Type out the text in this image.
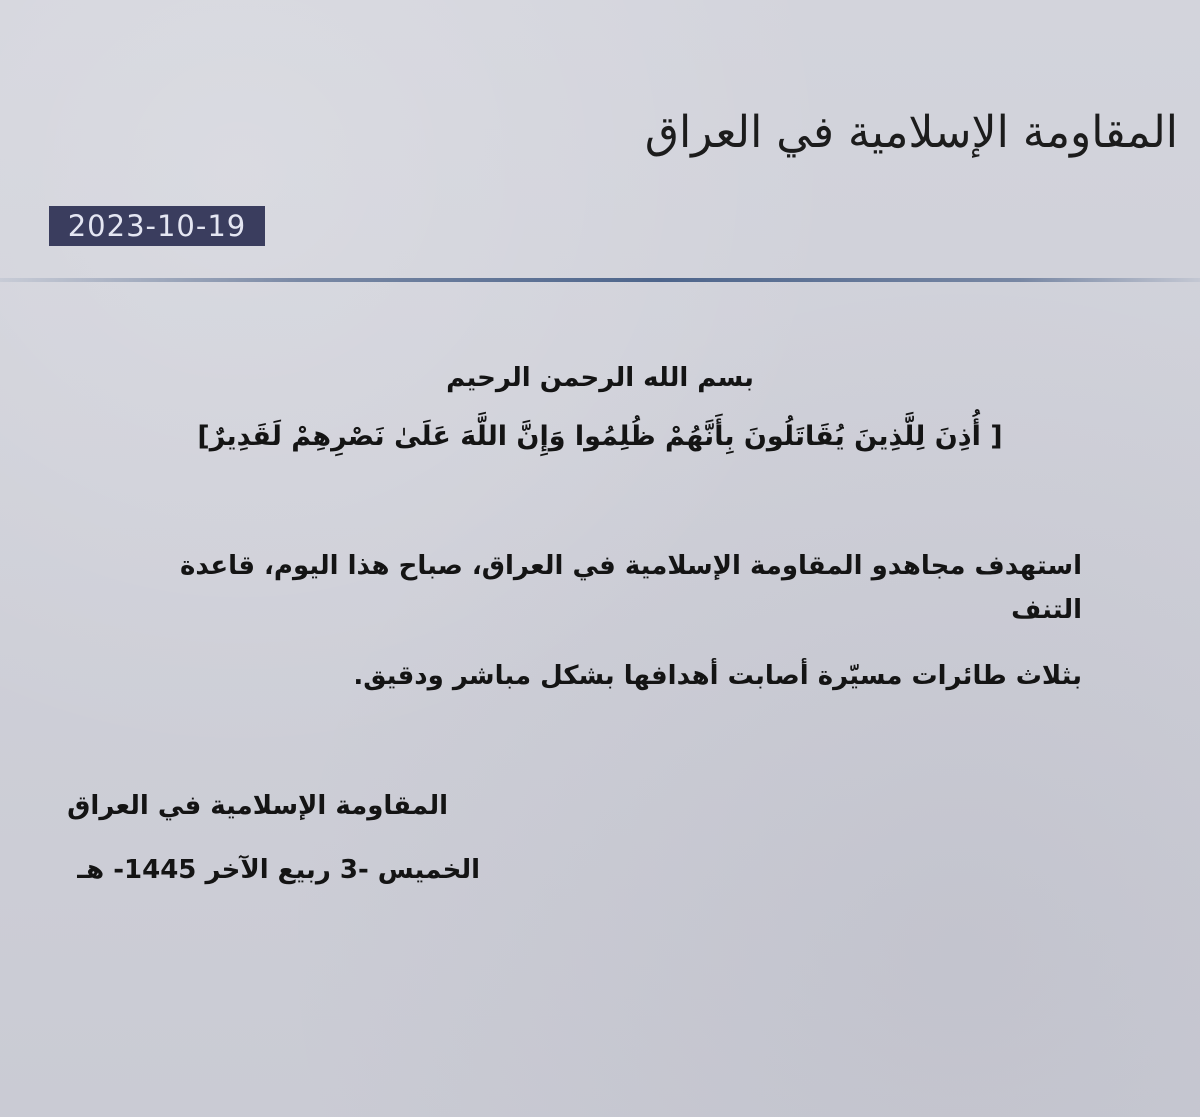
المقاومة الإسلامية في العراق
2023-10-19
بسم الله الرحمن الرحيم
[ أُذِنَ لِلَّذِينَ يُقَاتَلُونَ بِأَنَّهُمْ ظُلِمُوا وَإِنَّ اللَّهَ عَلَىٰ نَصْرِهِمْ لَقَدِيرٌ]

استهدف مجاهدو المقاومة الإسلامية في العراق، صباح هذا اليوم، قاعدة التنف

بثلاث طائرات مسيّرة أصابت أهدافها بشكل مباشر ودقيق.

المقاومة الإسلامية في العراق
الخميس -3 ربيع الآخر 1445- هـ
